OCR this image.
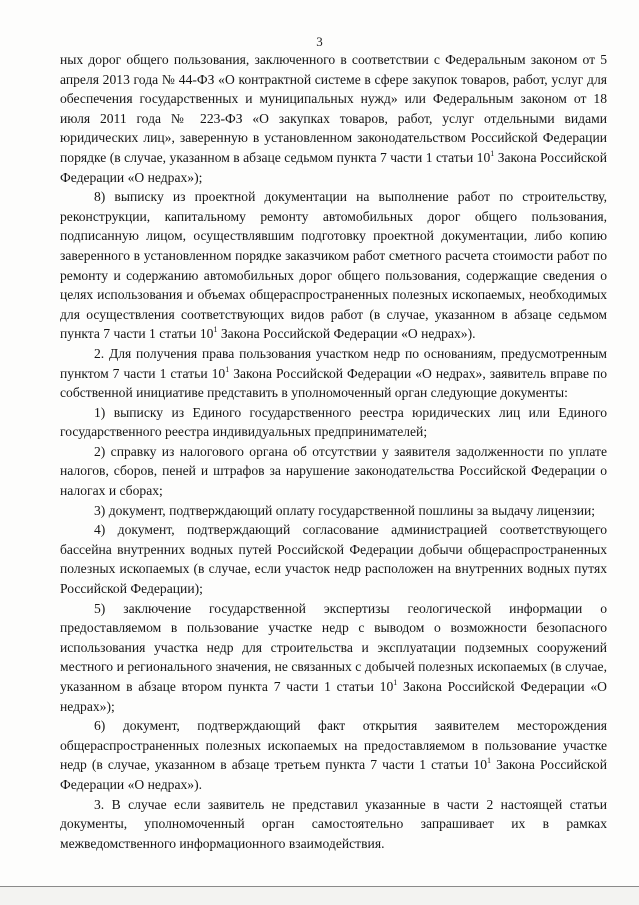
3

ных дорог общего пользования, заключенного в соответствии с Федеральным законом от 5 апреля 2013 года № 44-ФЗ «О контрактной системе в сфере закупок товаров, работ, услуг для обеспечения государственных и муниципальных нужд» или Федеральным законом от 18 июля 2011 года № 223-ФЗ «О закупках товаров, работ, услуг отдельными видами юридических лиц», заверенную в установленном законодательством Российской Федерации порядке (в случае, указанном в абзаце седьмом пункта 7 части 1 статьи $10^1$ Закона Российской Федерации «О недрах»);

8) выписку из проектной документации на выполнение работ по строительству, реконструкции, капитальному ремонту автомобильных дорог общего пользования, подписанную лицом, осуществлявшим подготовку проектной документации, либо копию заверенного в установленном порядке заказчиком работ сметного расчета стоимости работ по ремонту и содержанию автомобильных дорог общего пользования, содержащие сведения о целях использования и объемах общераспространенных полезных ископаемых, необходимых для осуществления соответствующих видов работ (в случае, указанном в абзаце седьмом пункта 7 части 1 статьи $10^1$ Закона Российской Федерации «О недрах»).

2. Для получения права пользования участком недр по основаниям, предусмотренным пунктом 7 части 1 статьи $10^1$ Закона Российской Федерации «О недрах», заявитель вправе по собственной инициативе представить в уполномоченный орган следующие документы:

1) выписку из Единого государственного реестра юридических лиц или Единого государственного реестра индивидуальных предпринимателей;

2) справку из налогового органа об отсутствии у заявителя задолженности по уплате налогов, сборов, пеней и штрафов за нарушение законодательства Российской Федерации о налогах и сборах;

3) документ, подтверждающий оплату государственной пошлины за выдачу лицензии;

4) документ, подтверждающий согласование администрацией соответствующего бассейна внутренних водных путей Российской Федерации добычи общераспространенных полезных ископаемых (в случае, если участок недр расположен на внутренних водных путях Российской Федерации);

5) заключение государственной экспертизы геологической информации о предоставляемом в пользование участке недр с выводом о возможности безопасного использования участка недр для строительства и эксплуатации подземных сооружений местного и регионального значения, не связанных с добычей полезных ископаемых (в случае, указанном в абзаце втором пункта 7 части 1 статьи $10^1$ Закона Российской Федерации «О недрах»);

6) документ, подтверждающий факт открытия заявителем месторождения общераспространенных полезных ископаемых на предоставляемом в пользование участке недр (в случае, указанном в абзаце третьем пункта 7 части 1 статьи $10^1$ Закона Российской Федерации «О недрах»).

3. В случае если заявитель не представил указанные в части 2 настоящей статьи документы, уполномоченный орган самостоятельно запрашивает их в рамках межведомственного информационного взаимодействия.
